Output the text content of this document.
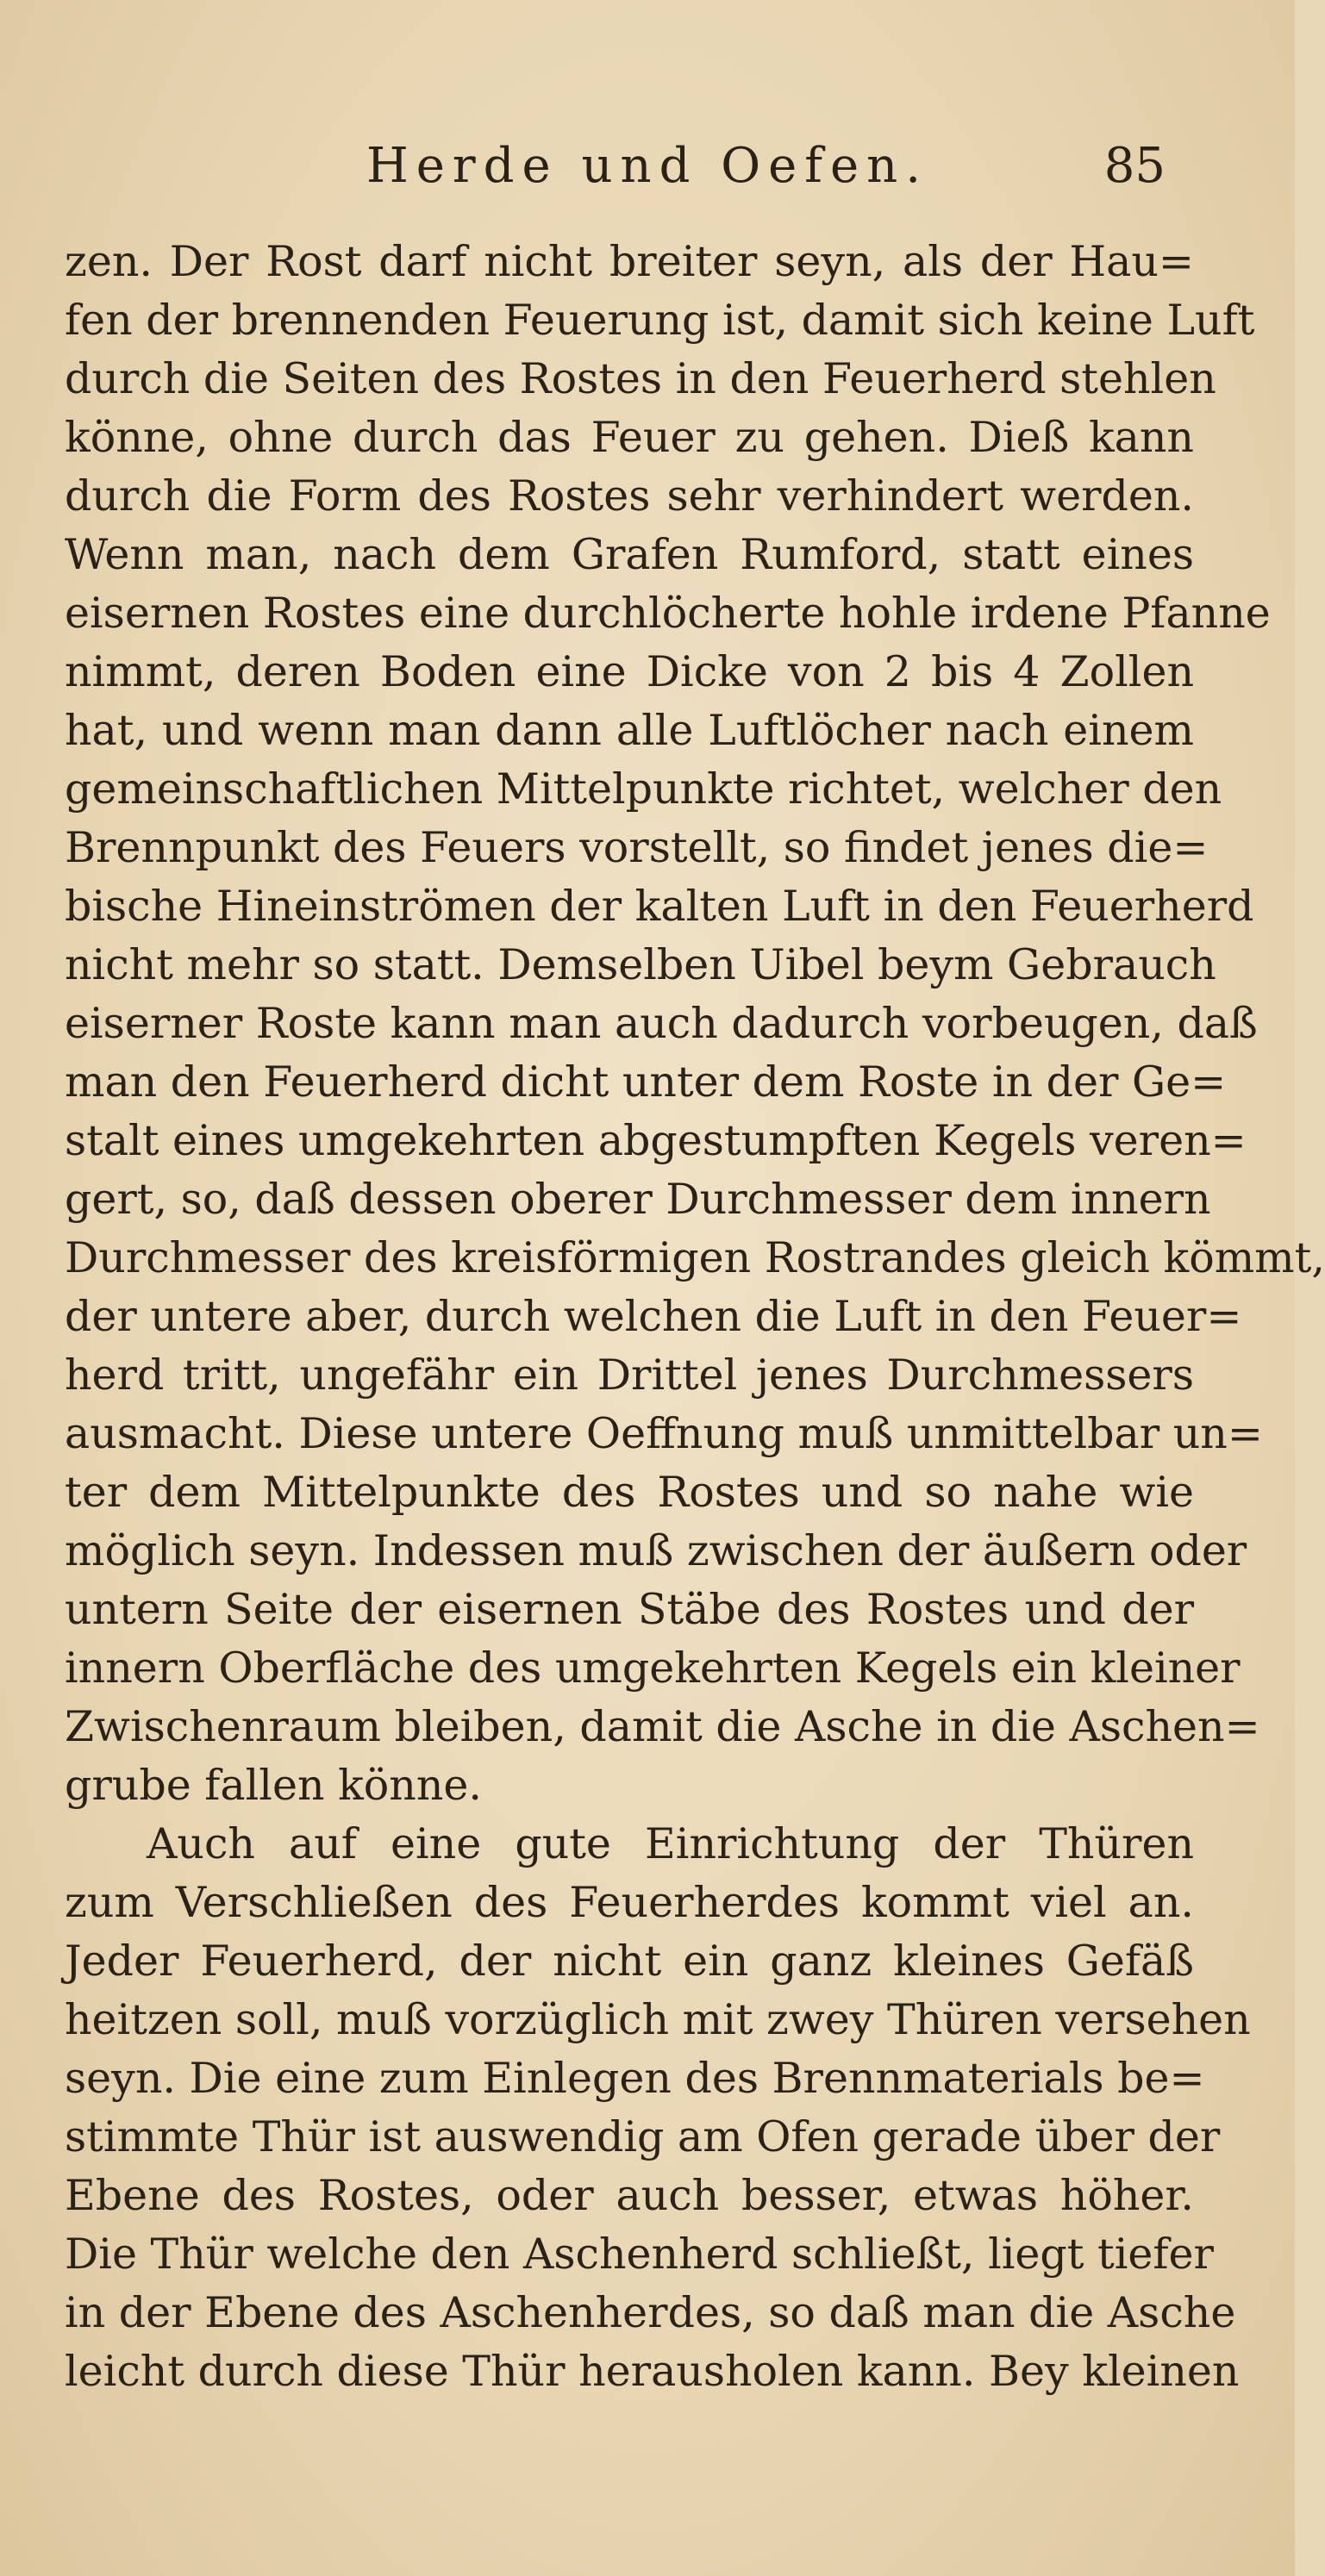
Herde und Oefen.	85
zen. Der Rost darf nicht breiter seyn, als der Hau=
fen der brennenden Feuerung ist, damit sich keine Luft
durch die Seiten des Rostes in den Feuerherd stehlen
könne, ohne durch das Feuer zu gehen. Dieß kann
durch die Form des Rostes sehr verhindert werden.
Wenn man, nach dem Grafen Rumford, statt eines
eisernen Rostes eine durchlöcherte hohle irdene Pfanne
nimmt, deren Boden eine Dicke von 2 bis 4 Zollen
hat, und wenn man dann alle Luftlöcher nach einem
gemeinschaftlichen Mittelpunkte richtet, welcher den
Brennpunkt des Feuers vorstellt, so findet jenes die=
bische Hineinströmen der kalten Luft in den Feuerherd
nicht mehr so statt. Demselben Uibel beym Gebrauch
eiserner Roste kann man auch dadurch vorbeugen, daß
man den Feuerherd dicht unter dem Roste in der Ge=
stalt eines umgekehrten abgestumpften Kegels veren=
gert, so, daß dessen oberer Durchmesser dem innern
Durchmesser des kreisförmigen Rostrandes gleich kömmt,
der untere aber, durch welchen die Luft in den Feuer=
herd tritt, ungefähr ein Drittel jenes Durchmessers
ausmacht. Diese untere Oeffnung muß unmittelbar un=
ter dem Mittelpunkte des Rostes und so nahe wie
möglich seyn. Indessen muß zwischen der äußern oder
untern Seite der eisernen Stäbe des Rostes und der
innern Oberfläche des umgekehrten Kegels ein kleiner
Zwischenraum bleiben, damit die Asche in die Aschen=
grube fallen könne.
Auch auf eine gute Einrichtung der Thüren
zum Verschließen des Feuerherdes kommt viel an.
Jeder Feuerherd, der nicht ein ganz kleines Gefäß
heitzen soll, muß vorzüglich mit zwey Thüren versehen
seyn. Die eine zum Einlegen des Brennmaterials be=
stimmte Thür ist auswendig am Ofen gerade über der
Ebene des Rostes, oder auch besser, etwas höher.
Die Thür welche den Aschenherd schließt, liegt tiefer
in der Ebene des Aschenherdes, so daß man die Asche
leicht durch diese Thür herausholen kann. Bey kleinen
